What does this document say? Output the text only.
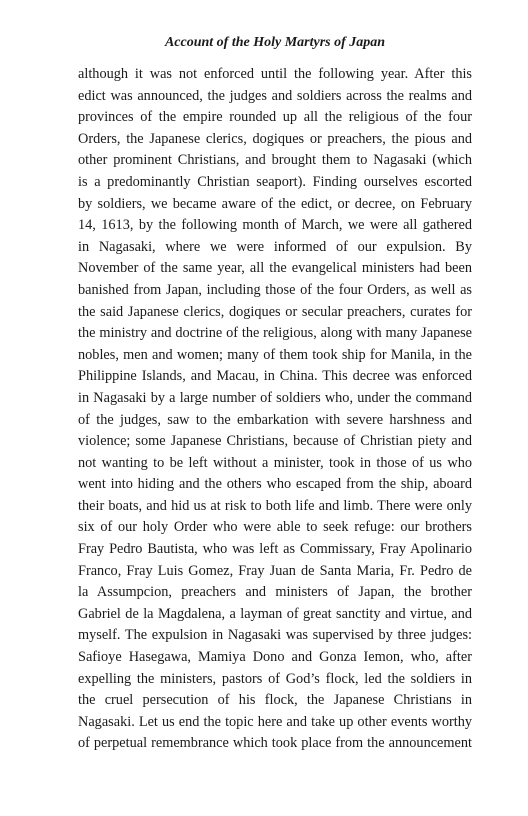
Account of the Holy Martyrs of Japan
although it was not enforced until the following year. After this
edict was announced, the judges and soldiers across the realms and
provinces of the empire rounded up all the religious of the four
Orders, the Japanese clerics, dogiques or preachers, the pious and
other prominent Christians, and brought them to Nagasaki (which
is a predominantly Christian seaport). Finding ourselves escorted
by soldiers, we became aware of the edict, or decree, on February
14, 1613, by the following month of March, we were all gathered
in Nagasaki, where we were informed of our expulsion. By
November of the same year, all the evangelical ministers had been
banished from Japan, including those of the four Orders, as well as
the said Japanese clerics, dogiques or secular preachers, curates for
the ministry and doctrine of the religious, along with many Japanese
nobles, men and women; many of them took ship for Manila, in the
Philippine Islands, and Macau, in China. This decree was enforced
in Nagasaki by a large number of soldiers who, under the command
of the judges, saw to the embarkation with severe harshness and
violence; some Japanese Christians, because of Christian piety and
not wanting to be left without a minister, took in those of us who
went into hiding and the others who escaped from the ship, aboard
their boats, and hid us at risk to both life and limb. There were only
six of our holy Order who were able to seek refuge: our brothers
Fray Pedro Bautista, who was left as Commissary, Fray Apolinario
Franco, Fray Luis Gomez, Fray Juan de Santa Maria, Fr. Pedro de
la Assumpcion, preachers and ministers of Japan, the brother
Gabriel de la Magdalena, a layman of great sanctity and virtue, and
myself. The expulsion in Nagasaki was supervised by three judges:
Safioye Hasegawa, Mamiya Dono and Gonza Iemon, who, after
expelling the ministers, pastors of God’s flock, led the soldiers in
the cruel persecution of his flock, the Japanese Christians in
Nagasaki. Let us end the topic here and take up other events worthy
of perpetual remembrance which took place from the announcement
